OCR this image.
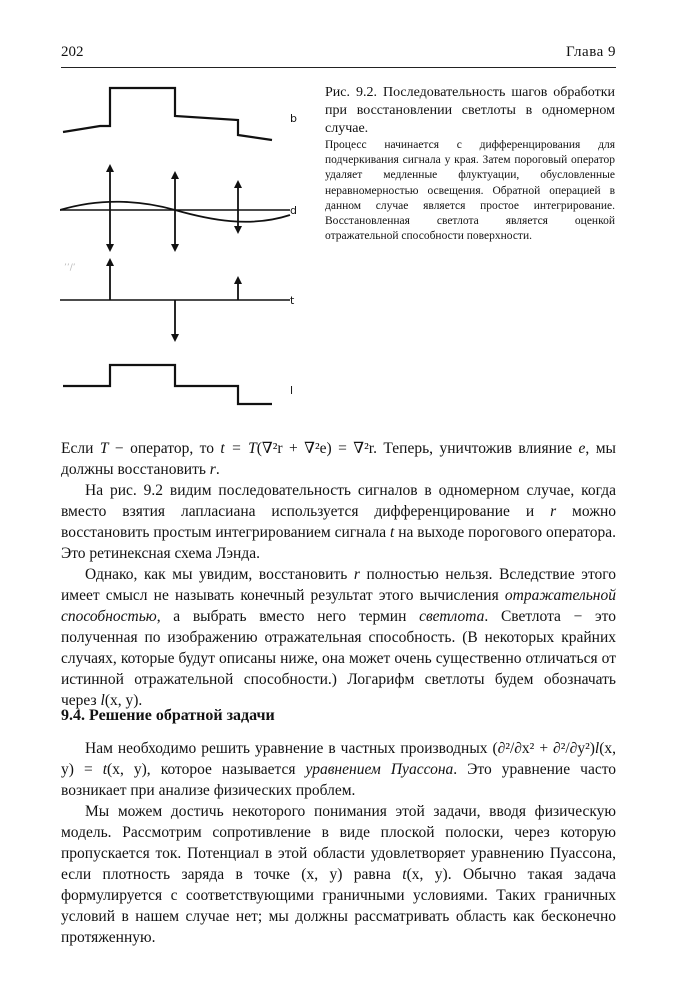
202	Глава 9
b
d
t
l
’’/’
Рис. 9.2. Последовательность шагов обработки при восстановлении светлоты в одномерном случае.
Процесс начинается с дифференцирования для подчеркивания сигнала у края. Затем пороговый оператор удаляет медленные флуктуации, обусловленные неравномерностью освещения. Обратной операцией в данном случае является простое интегрирование. Восстановленная светлота является оценкой отражательной способности поверхности.

Если T − оператор, то t = T(∇²r + ∇²e) = ∇²r. Теперь, уничтожив влияние e, мы должны восстановить r.

На рис. 9.2 видим последовательность сигналов в одномерном случае, когда вместо взятия лапласиана используется дифференцирование и r можно восстановить простым интегрированием сигнала t на выходе порогового оператора. Это ретинексная схема Лэнда.

Однако, как мы увидим, восстановить r полностью нельзя. Вследствие этого имеет смысл не называть конечный результат этого вычисления отражательной способностью, а выбрать вместо него термин светлота. Светлота − это полученная по изображению отражательная способность. (В некоторых крайних случаях, которые будут описаны ниже, она может очень существенно отличаться от истинной отражательной способности.) Логарифм светлоты будем обозначать через l(x, y).

9.4. Решение обратной задачи

Нам необходимо решить уравнение в частных производных (∂²/∂x² + ∂²/∂y²)l(x, y) = t(x, y), которое называется уравнением Пуассона. Это уравнение часто возникает при анализе физических проблем.

Мы можем достичь некоторого понимания этой задачи, вводя физическую модель. Рассмотрим сопротивление в виде плоской полоски, через которую пропускается ток. Потенциал в этой области удовлетворяет уравнению Пуассона, если плотность заряда в точке (x, y) равна t(x, y). Обычно такая задача формулируется с соответствующими граничными условиями. Таких граничных условий в нашем случае нет; мы должны рассматривать область как бесконечно протяженную.
